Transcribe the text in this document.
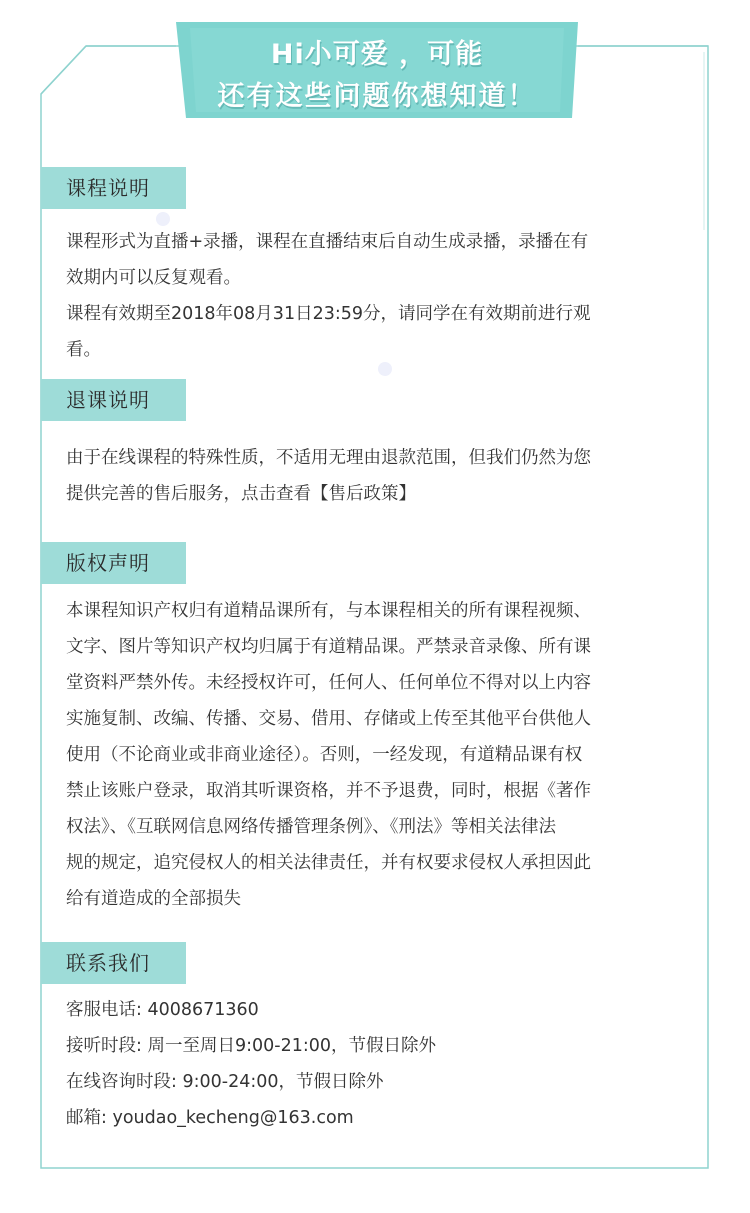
Hi小可爱 ，可能
还有这些问题你想知道！
课程说明
课程形式为直播+录播，课程在直播结束后自动生成录播，录播在有
效期内可以反复观看。
课程有效期至2018年08月31日23:59分，请同学在有效期前进行观
看。
退课说明
由于在线课程的特殊性质，不适用无理由退款范围，但我们仍然为您
提供完善的售后服务，点击查看【售后政策】
版权声明
本课程知识产权归有道精品课所有，与本课程相关的所有课程视频、
文字、图片等知识产权均归属于有道精品课。严禁录音录像、所有课
堂资料严禁外传。未经授权许可，任何人、任何单位不得对以上内容
实施复制、改编、传播、交易、借用、存储或上传至其他平台供他人
使用（不论商业或非商业途径）。否则，一经发现，有道精品课有权
禁止该账户登录，取消其听课资格，并不予退费，同时，根据《著作
权法》、《互联网信息网络传播管理条例》、《刑法》等相关法律法
规的规定，追究侵权人的相关法律责任，并有权要求侵权人承担因此
给有道造成的全部损失
联系我们
客服电话: 4008671360
接听时段: 周一至周日9:00-21:00，节假日除外
在线咨询时段: 9:00-24:00，节假日除外
邮箱: youdao_kecheng@163.com
